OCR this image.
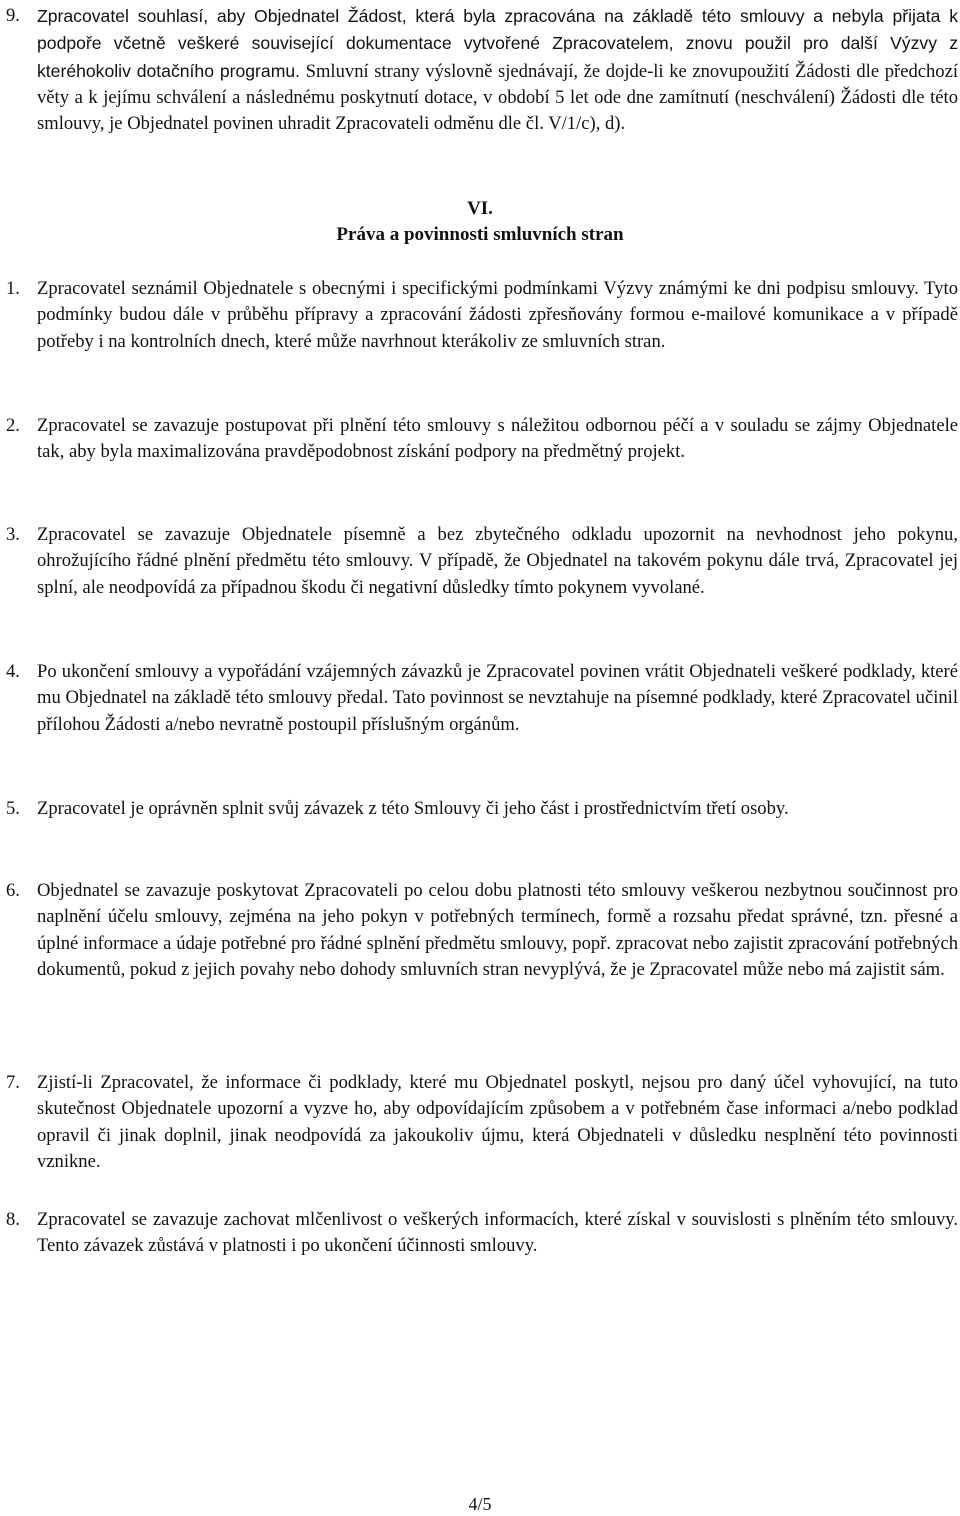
9. Zpracovatel souhlasí, aby Objednatel Žádost, která byla zpracována na základě této smlouvy a nebyla přijata k podpoře včetně veškeré související dokumentace vytvořené Zpracovatelem, znovu použil pro další Výzvy z kteréhokoliv dotačního programu. Smluvní strany výslovně sjednávají, že dojde-li ke znovupoužití Žádosti dle předchozí věty a k jejímu schválení a následnému poskytnutí dotace, v období 5 let ode dne zamítnutí (neschválení) Žádosti dle této smlouvy, je Objednatel povinen uhradit Zpracovateli odměnu dle čl. V/1/c), d).
VI.
Práva a povinnosti smluvních stran
1. Zpracovatel seznámil Objednatele s obecnými i specifickými podmínkami Výzvy známými ke dni podpisu smlouvy. Tyto podmínky budou dále v průběhu přípravy a zpracování žádosti zpřesňovány formou e-mailové komunikace a v případě potřeby i na kontrolních dnech, které může navrhnout kterákoliv ze smluvních stran.
2. Zpracovatel se zavazuje postupovat při plnění této smlouvy s náležitou odbornou péčí a v souladu se zájmy Objednatele tak, aby byla maximalizována pravděpodobnost získání podpory na předmětný projekt.
3. Zpracovatel se zavazuje Objednatele písemně a bez zbytečného odkladu upozornit na nevhodnost jeho pokynu, ohrožujícího řádné plnění předmětu této smlouvy. V případě, že Objednatel na takovém pokynu dále trvá, Zpracovatel jej splní, ale neodpovídá za případnou škodu či negativní důsledky tímto pokynem vyvolané.
4. Po ukončení smlouvy a vypořádání vzájemných závazků je Zpracovatel povinen vrátit Objednateli veškeré podklady, které mu Objednatel na základě této smlouvy předal. Tato povinnost se nevztahuje na písemné podklady, které Zpracovatel učinil přílohou Žádosti a/nebo nevratně postoupil příslušným orgánům.
5. Zpracovatel je oprávněn splnit svůj závazek z této Smlouvy či jeho část i prostřednictvím třetí osoby.
6. Objednatel se zavazuje poskytovat Zpracovateli po celou dobu platnosti této smlouvy veškerou nezbytnou součinnost pro naplnění účelu smlouvy, zejména na jeho pokyn v potřebných termínech, formě a rozsahu předat správné, tzn. přesné a úplné informace a údaje potřebné pro řádné splnění předmětu smlouvy, popř. zpracovat nebo zajistit zpracování potřebných dokumentů, pokud z jejich povahy nebo dohody smluvních stran nevyplývá, že je Zpracovatel může nebo má zajistit sám.
7. Zjistí-li Zpracovatel, že informace či podklady, které mu Objednatel poskytl, nejsou pro daný účel vyhovující, na tuto skutečnost Objednatele upozorní a vyzve ho, aby odpovídajícím způsobem a v potřebném čase informaci a/nebo podklad opravil či jinak doplnil, jinak neodpovídá za jakoukoliv újmu, která Objednateli v důsledku nesplnění této povinnosti vznikne.
8. Zpracovatel se zavazuje zachovat mlčenlivost o veškerých informacích, které získal v souvislosti s plněním této smlouvy. Tento závazek zůstává v platnosti i po ukončení účinnosti smlouvy.
4/5
